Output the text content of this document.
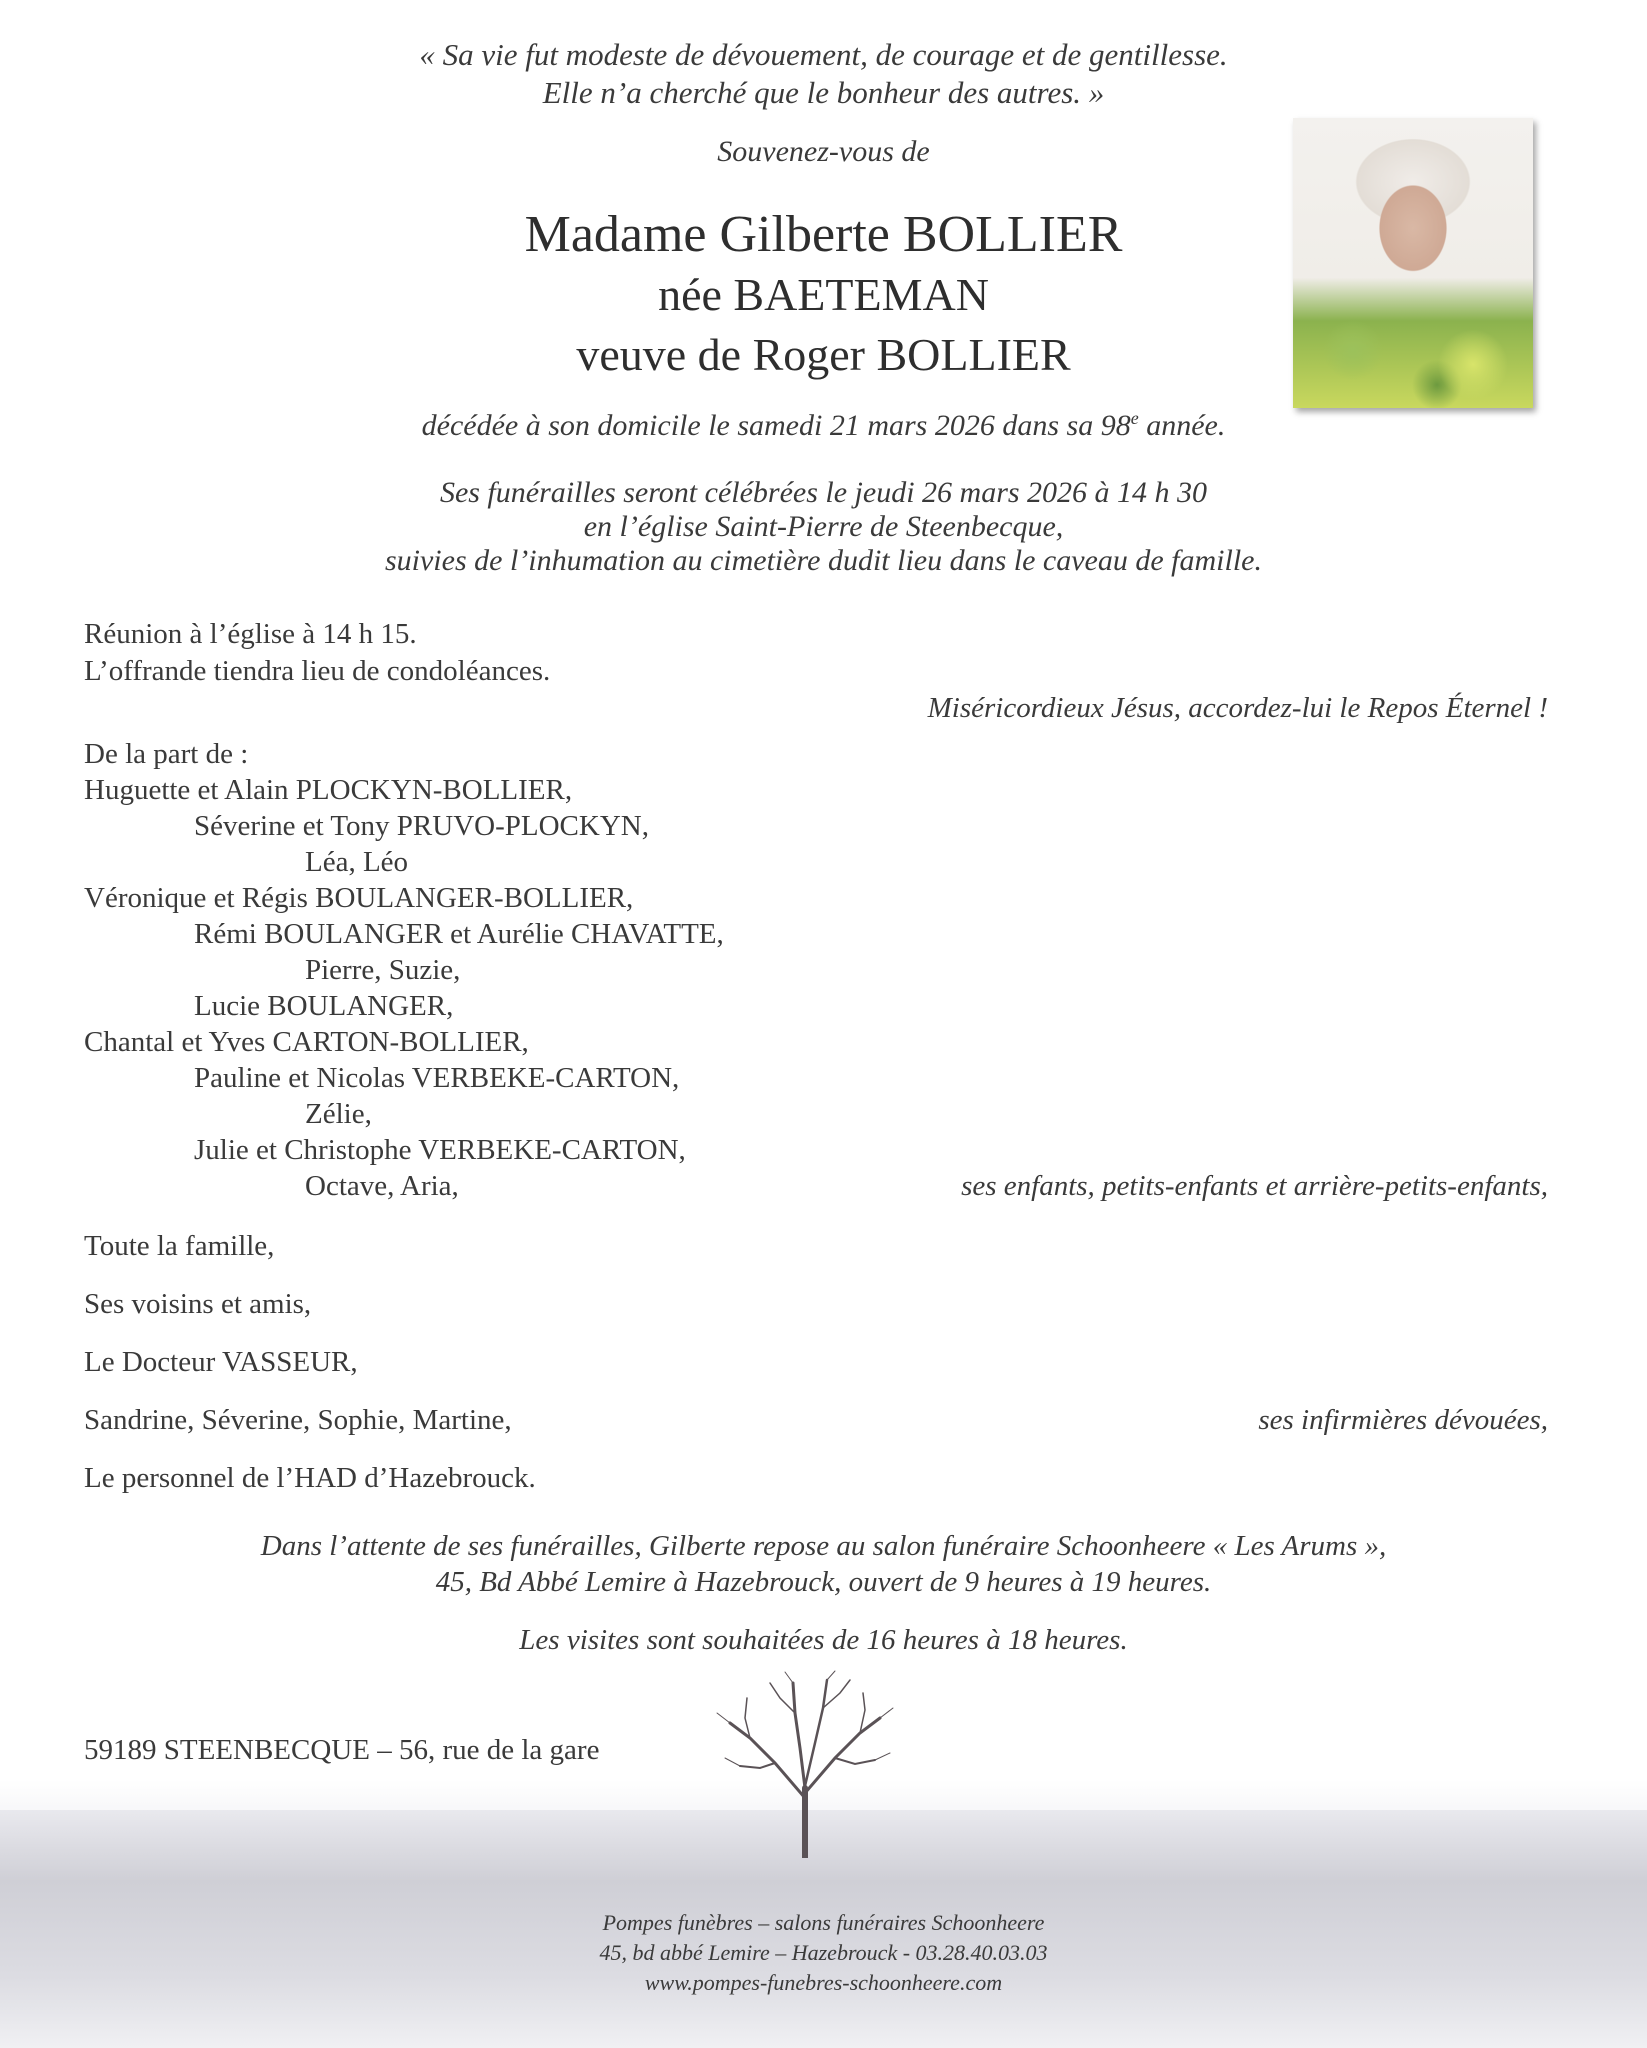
« Sa vie fut modeste de dévouement, de courage et de gentillesse.
Elle n’a cherché que le bonheur des autres. »
Souvenez-vous de
Madame Gilberte BOLLIER
née BAETEMAN
veuve de Roger BOLLIER
décédée à son domicile le samedi 21 mars 2026 dans sa 98e année.
Ses funérailles seront célébrées le jeudi 26 mars 2026 à 14 h 30
en l’église Saint-Pierre de Steenbecque,
suivies de l’inhumation au cimetière dudit lieu dans le caveau de famille.
Réunion à l’église à 14 h 15.
L’offrande tiendra lieu de condoléances.
Miséricordieux Jésus, accordez-lui le Repos Éternel !
De la part de :
Huguette et Alain PLOCKYN-BOLLIER,
Séverine et Tony PRUVO-PLOCKYN,
Léa, Léo
Véronique et Régis BOULANGER-BOLLIER,
Rémi BOULANGER et Aurélie CHAVATTE,
Pierre, Suzie,
Lucie BOULANGER,
Chantal et Yves CARTON-BOLLIER,
Pauline et Nicolas VERBEKE-CARTON,
Zélie,
Julie et Christophe VERBEKE-CARTON,
Octave, Aria,	ses enfants, petits-enfants et arrière-petits-enfants,
Toute la famille,
Ses voisins et amis,
Le Docteur VASSEUR,
Sandrine, Séverine, Sophie, Martine,	ses infirmières dévouées,
Le personnel de l’HAD d’Hazebrouck.
Dans l’attente de ses funérailles, Gilberte repose au salon funéraire Schoonheere « Les Arums »,
45, Bd Abbé Lemire à Hazebrouck, ouvert de 9 heures à 19 heures.
Les visites sont souhaitées de 16 heures à 18 heures.
59189 STEENBECQUE – 56, rue de la gare
Pompes funèbres – salons funéraires Schoonheere
45, bd abbé Lemire – Hazebrouck - 03.28.40.03.03
www.pompes-funebres-schoonheere.com
